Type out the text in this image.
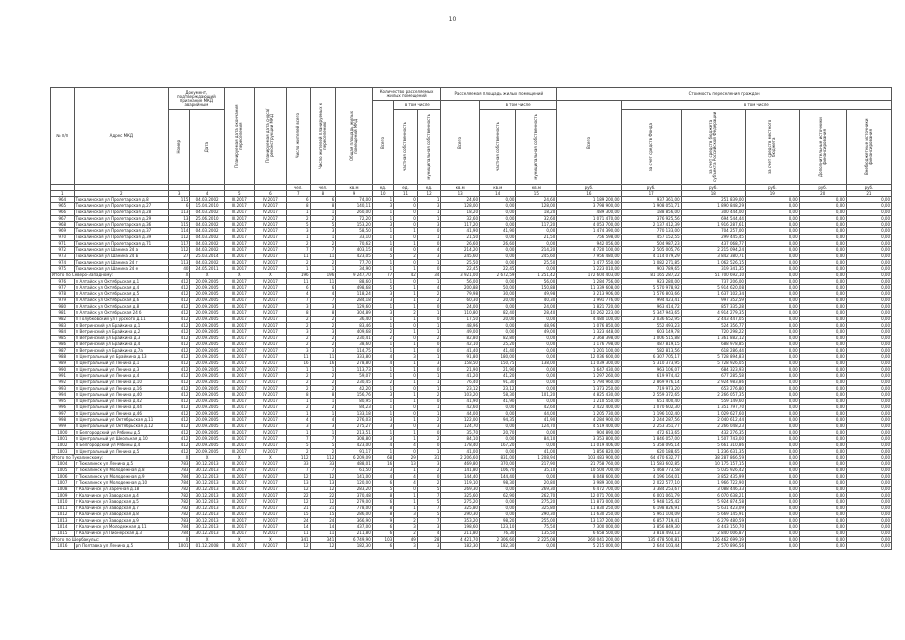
10
№ п/п	Адрес МКД	Документ, подтверждающий признание МКД аварийным		Планируемая дата окончания переселения	Планируемая дата сноса/ реконструкции МКД	Число жителей всего	Число жителей планируемых к переселению	Общая площадь жилых помещений МКД	Количество расселяемых жилых помещений			Расселяемая площадь жилых помещений			Стоимость переселения граждан					

									Всего	в том числе		Всего	в том числе		Всего	в том числе				

		Номер	Дата							частная собственность	муниципальная собственность		частная собственность	муниципальная собственность		за счет средств Фонда	за счет средств бюджета субъекта Российской Федерации	за счет средств местного бюджета	Дополнительные источники финансирования	Внебюджетные источники финансирования

						чел.	чел.	кв.м	ед.	ед.	ед.	кв.м	кв.м	кв.м	руб.	руб.	руб.	руб.	руб.	руб.
1	2	3	4	5	6	7	8	9	10	11	12	13	14	15	16	17	18	19	20	21
964	Тюкалинская ул Пролетарская д.8	115	04.03.2002	III.2017	IV.2017	6	6	74,00	1	0	1	24,60	0,00	24,60	1 189 200,00	937 361,00	251 839,00	0,00	0,00	0,00
965	Тюкалинская ул Пролетарская д.27	6	15.04.2010	III.2017	IV.2017	8	8	140,11	3	0	3	128,00	0,00	128,00	3 798 900,00	1 908 051,71	1 890 848,29	0,00	0,00	0,00
966	Тюкалинская ул Пролетарская д.28	113	04.03.2002	III.2017	IV.2017	1	1	260,00	1	0	1	18,20	0,00	18,20	489 300,00	188 856,00	300 444,00	0,00	0,00	0,00
967	Тюкалинская ул Пролетарская д.29	13	25.06.2010	III.2017	IV.2017	2	2	72,20	1	0	1	32,60	0,00	32,60	1 071 470,00	376 925,56	694 544,44	0,00	0,00	0,00
968	Тюкалинская ул Пролетарская д.36	115	04.03.2002	III.2017	IV.2017	5	5	153,20	3	0	3	117,20	0,00	117,20	4 053 700,00	2 137 412,39	1 916 287,61	0,00	0,00	0,00
969	Тюкалинская ул Пролетарская д.37	114	04.03.2002	III.2017	IV.2017	3	3	58,50	1	1	0	41,90	41,90	0,00	1 474 390,00	770 133,00	704 257,00	0,00	0,00	0,00
970	Тюкалинская ул Пролетарская д.39	112	04.03.2002	III.2017	IV.2017	1	1	33,10	1	0	1	21,50	0,00	21,50	756 598,00	457 152,55	299 445,45	0,00	0,00	0,00
971	Тюкалинская ул Пролетарская д.71	117	04.03.2002	III.2017	IV.2017	2	2	70,62	1	1	0	26,60	26,60	0,00	942 056,00	504 987,23	437 068,77	0,00	0,00	0,00
972	Тюкалинская ул Шанина 24 а	112	04.03.2002	III.2017	IV.2017	7	7	403,15	4	0	4	214,20	0,00	214,20	4 720 100,00	2 505 005,76	2 215 094,24	0,00	0,00	0,00
973	Тюкалинская ул Шанина 24 в	27	25.03.2014	III.2017	IV.2017	11	11	423,05	5	2	3	245,60	0,00	245,60	7 956 480,00	4 114 079,29	3 842 380,71	0,00	0,00	0,00
974	Тюкалинская ул Шанина 24 г	113	04.03.2002	III.2017	IV.2017	2	2	77,70	1	0	1	25,50	0,00	25,50	1 477 550,00	1 082 271,85	1 062 526,15	0,00	0,00	0,00
975	Тюкалинская ул Шанина 24 е	40	24.05.2011	III.2017	IV.2017	1	1	34,90	1	1	0	22,45	22,45	0,00	1 223 010,00	903 789,65	319 341,35	0,00	0,00	0,00
Итого по Северо-Западному:		X	X	X	X	196	196	9 247,70	77	42	34	3 921,00	2 672,59	1 251,42	172 604 403,00	81 165 287,22	51 700 692,10	0,00	0,00	0,00
976	п Алтайск ул Октябрьская д.1	412	20.09.2005	III.2017	IV.2017	11	11	88,60	1	0	1	56,00	0,00	56,00	1 284 756,00	923 280,00	737 206,00	0,00	0,00	0,00
977	п Алтайск ул Октябрьская д.4	412	20.09.2005	III.2017	IV.2017	6	6	498,68	5	1	4	200,88	50,00	150,88	11 339 608,00	5 570 978,92	5 914 620,08	0,00	0,00	0,00
978	п Алтайск ул Октябрьская д.5	412	20.09.2005	III.2017	IV.2017	4	4	118,24	3	1	2	79,98	30,00	49,98	3 213 906,00	1 576 803,66	1 637 102,34	0,00	0,00	0,00
979	п Алтайск ул Октябрьская д.6	412	20.09.2005	III.2017	IV.2017	7	7	284,18	3	1	2	60,30	20,00	40,30	1 991 776,00	994 423,41	997 352,59	0,00	0,00	0,00
980	п Алтайск ул Октябрьская д.8	412	20.09.2005	III.2017	IV.2017	3	3	129,60	1	1	0	24,00	0,00	24,00	1 821 720,00	963 414,72	857 335,28	0,00	0,00	0,00
981	п Алтайск ул Октябрьская 24 б	412	20.09.2005	III.2017	IV.2017	8	8	304,89	3	2	1	110,80	82,40	28,40	10 262 223,00	5 347 943,65	4 914 279,35	0,00	0,00	0,00
982	п Голубковский ул Гурского д.11	412	20.09.2005	III.2017	IV.2017	2	2	36,40	1	1	0	17,50	20,00	0,00	4 480 100,00	2 036 652,95	2 443 447,05	0,00	0,00	0,00
983	п Ветринский ул Брайкина д.1	412	20.09.2005	III.2017	IV.2017	2	2	83,46	1	0	1	48,96	0,00	48,96	1 076 850,00	552 493,23	524 356,77	0,00	0,00	0,00
984	п Ветринский ул Брайкина д.2	412	20.09.2005	III.2017	IV.2017	3	3	409,68	2	1	1	49,00	0,00	49,00	1 323 448,00	603 149,78	720 298,22	0,00	0,00	0,00
985	п Ветринский ул Брайкина д.3	412	20.09.2005	III.2017	IV.2017	2	2	230,41	2	0	2	82,80	82,80	0,00	2 368 398,00	1 006 515,88	1 361 882,12	0,00	0,00	0,00
986	п Ветринский ул Брайкина д.4	412	20.09.2005	III.2017	IV.2017	2	2	38,60	1	1	0	42,10	25,20	0,00	1 176 798,00	487 819,15	688 978,85	0,00	0,00	0,00
987	п Ветринский ул Брайкина д.7а	412	20.09.2005	III.2017	IV.2017	3	3	114,75	1	1	0	41,40	41,40	0,00	1 201 100,00	582 813,56	618 286,44	0,00	0,00	0,00
988	п Центральный ул Брайкина д.13	412	20.09.2005	III.2017	IV.2017	11	11	333,80	4	3	1	91,80	180,00	0,00	12 036 600,00	6 307 705,17	5 728 894,83	0,00	0,00	0,00
989	п Центральный ул Ленина д.1	412	20.09.2005	III.2017	IV.2017	16	16	278,80	4	1	3	158,50	150,75	138,00	11 039 300,00	5 310 373,95	5 728 926,05	0,00	0,00	0,00
990	п Центральный ул Ленина д.3	412	20.09.2005	III.2017	IV.2017	1	1	113,73	1	1	0	21,90	21,90	0,00	1 647 430,00	963 106,07	684 323,93	0,00	0,00	0,00
991	п Центральный ул Ленина д.4	412	20.09.2005	III.2017	IV.2017	2	2	59,07	1	0	1	41,20	41,20	0,00	1 297 260,00	619 974,42	677 285,58	0,00	0,00	0,00
992	п Центральный ул Ленина д.10	412	20.09.2005	III.2017	IV.2017	2	2	230,45	2	1	1	76,40	91,30	0,00	5 794 960,00	2 869 976,14	2 924 983,86	0,00	0,00	0,00
993	п Центральный ул Ленина д.16	412	20.09.2005	III.2017	IV.2017	2	2	42,20	1	0	1	23,12	23,12	0,00	1 373 250,00	719 973,20	653 276,80	0,00	0,00	0,00
994	п Центральный ул Ленина д.40	412	20.09.2005	III.2017	IV.2017	8	8	156,76	3	1	2	103,20	58,30	101,20	4 825 430,00	2 559 372,65	2 266 057,35	0,00	0,00	0,00
995	п Центральный ул Ленина д.42	412	20.09.2005	III.2017	IV.2017	1	1	80,95	1	1	0	41,90	41,90	0,00	1 210 550,00	651 400,40	559 149,60	0,00	0,00	0,00
996	п Центральный ул Ленина д.44	412	20.09.2005	III.2017	IV.2017	2	2	84,23	1	0	1	42,60	0,00	42,60	2 422 400,00	1 070 602,30	1 351 797,70	0,00	0,00	0,00
997	п Центральный ул Ленина д.46	412	20.09.2005	III.2017	IV.2017	1	1	133,18	1	0	1	44,00	0,00	44,00	1 205 730,00	1 196 102,40	1 029 627,60	0,00	0,00	0,00
998	п Центральный ул Октябрьская д.11	412	20.09.2005	III.2017	IV.2017	4	4	276,03	3	1	2	122,00	94,35	41,90	4 284 900,00	2 244 287,56	2 040 612,44	0,00	0,00	0,00
999	п Центральный ул Октябрьская д.12	412	20.09.2005	III.2017	IV.2017	3	3	275,27	3	0	3	124,70	0,00	124,70	4 519 400,00	2 253 351,77	2 266 048,23	0,00	0,00	0,00
1000	п Белгородский ул Рябины д.5	412	20.09.2005	III.2017	IV.2017	1	1	213,51	1	1	0	35,70	20,70	0,00	904 890,00	472 613,65	432 276,35	0,00	0,00	0,00
1001	п Центральный ул Школьная д.10	412	20.09.2005	III.2017	IV.2017	7	7	308,80	3	1	2	84,10	0,00	84,10	3 353 800,00	1 846 057,00	1 507 743,00	0,00	0,00	0,00
1002	п Белгородский ул Рябины д.4	412	20.09.2005	III.2017	IV.2017	5	5	423,00	4	4	0	178,40	167,20	0,00	11 019 406,00	5 358 095,14	5 661 310,86	0,00	0,00	0,00
1003	п Центральный ул Ленина д.5	412	20.09.2005	III.2017	IV.2017	2	2	91,17	1	0	1	41,00	0,00	41,00	1 856 820,00	620 188,65	1 236 631,35	0,00	0,00	0,00
Итого по Тукалинскому:		X	X	X	X	112	112	6 209,09	68	29	31	2 206,60	831,00	1 208,94	103 483 900,00	64 470 632,77	38 287 866,59	0,00	0,00	0,00
1004	г Тюкалинск ул Ленина д.5	783	30.12.2013	III.2017	IV.2017	33	33	488,01	16	13	3	469,80	370,00	217,90	21 758 760,00	11 583 602,85	10 175 157,15	0,00	0,00	0,00
1005	г Тюкалинск ул Молодежная д.8	783	30.12.2013	III.2017	IV.2017	7	7	61,50	3	1	2	141,80	106,70	35,10	10 504 700,00	5 468 773,58	5 035 926,42	0,00	0,00	0,00
1006	г Тюкалинск ул Молодежная д.9	784	30.12.2013	III.2017	IV.2017	12	12	141,00	4	4	0	144,40	144,40	0,00	8 048 600,00	4 196 164,01	3 852 435,99	0,00	0,00	0,00
1007	г Тюкалинск ул Молодежная д.10	784	30.12.2013	III.2017	IV.2017	13	13	120,00	6	4	2	119,10	98,30	20,80	3 989 300,00	2 022 577,10	1 966 722,90	0,00	0,00	0,00
1008	г Калачинск ул Заречная д.18	782	30.12.2013	III.2017	IV.2017	12	12	283,20	5	0	5	269,30	0,00	269,30	6 472 700,00	3 384 253,67	3 088 446,33	0,00	0,00	0,00
1009	г Калачинск ул Заводская д.4	782	30.12.2013	III.2017	IV.2017	22	22	370,48	8	1	7	325,60	62,90	262,70	12 071 700,00	6 001 061,79	6 070 638,21	0,00	0,00	0,00
1010	г Калачинск ул Заводская д.5	782	30.12.2013	III.2017	IV.2017	12	12	279,00	6	1	5	275,20	0,00	275,20	11 873 000,00	5 948 125,42	5 924 874,58	0,00	0,00	0,00
1011	г Калачинск ул Заводская д.7	782	30.12.2013	III.2017	IV.2017	21	21	778,00	8	1	7	325,80	0,00	325,80	11 830 250,00	6 198 826,91	5 631 423,09	0,00	0,00	0,00
1012	г Калачинск ул Заводская д.8	782	30.12.2013	III.2017	IV.2017	15	15	286,00	8	3	5	290,30	0,00	290,30	11 630 250,00	5 961 104,09	5 669 145,91	0,00	0,00	0,00
1013	г Калачинск ул Заводская д.9	783	30.12.2013	III.2017	IV.2017	24	24	366,90	9	2	7	353,20	98,20	255,00	13 137 200,00	6 857 719,41	6 279 480,59	0,00	0,00	0,00
1014	г Калачинск ул Молодежная д.11	784	30.12.2013	III.2017	IV.2017	14	14	437,00	6	3	3	198,60	123,10	75,50	7 300 000,00	3 856 849,30	3 443 150,70	0,00	0,00	0,00
1015	г Калачинск ул Пионерская д.3	784	30.12.2013	III.2017	IV.2017	11	11	211,80	6	2	4	211,80	76,30	135,50	6 658 500,00	3 818 493,13	2 840 006,87	0,00	0,00	0,00
Итого по Шербакульс:		X	X	X	X	341	341	6 749,90	103	49	28	4 421,70	2 306,60	2 225,08	260 041 200,00	135 478 500,81	126 462 699,19	0,00	0,00	0,00
1016	рп Полтавка ул Ленина д.5	1001	01.12.2008	III.2017	IV.2017	12	12	182,30	6	3	3	182,30	182,30	0,00	5 215 000,00	2 644 103,44	2 570 896,56	0,00	0,00	0,00
